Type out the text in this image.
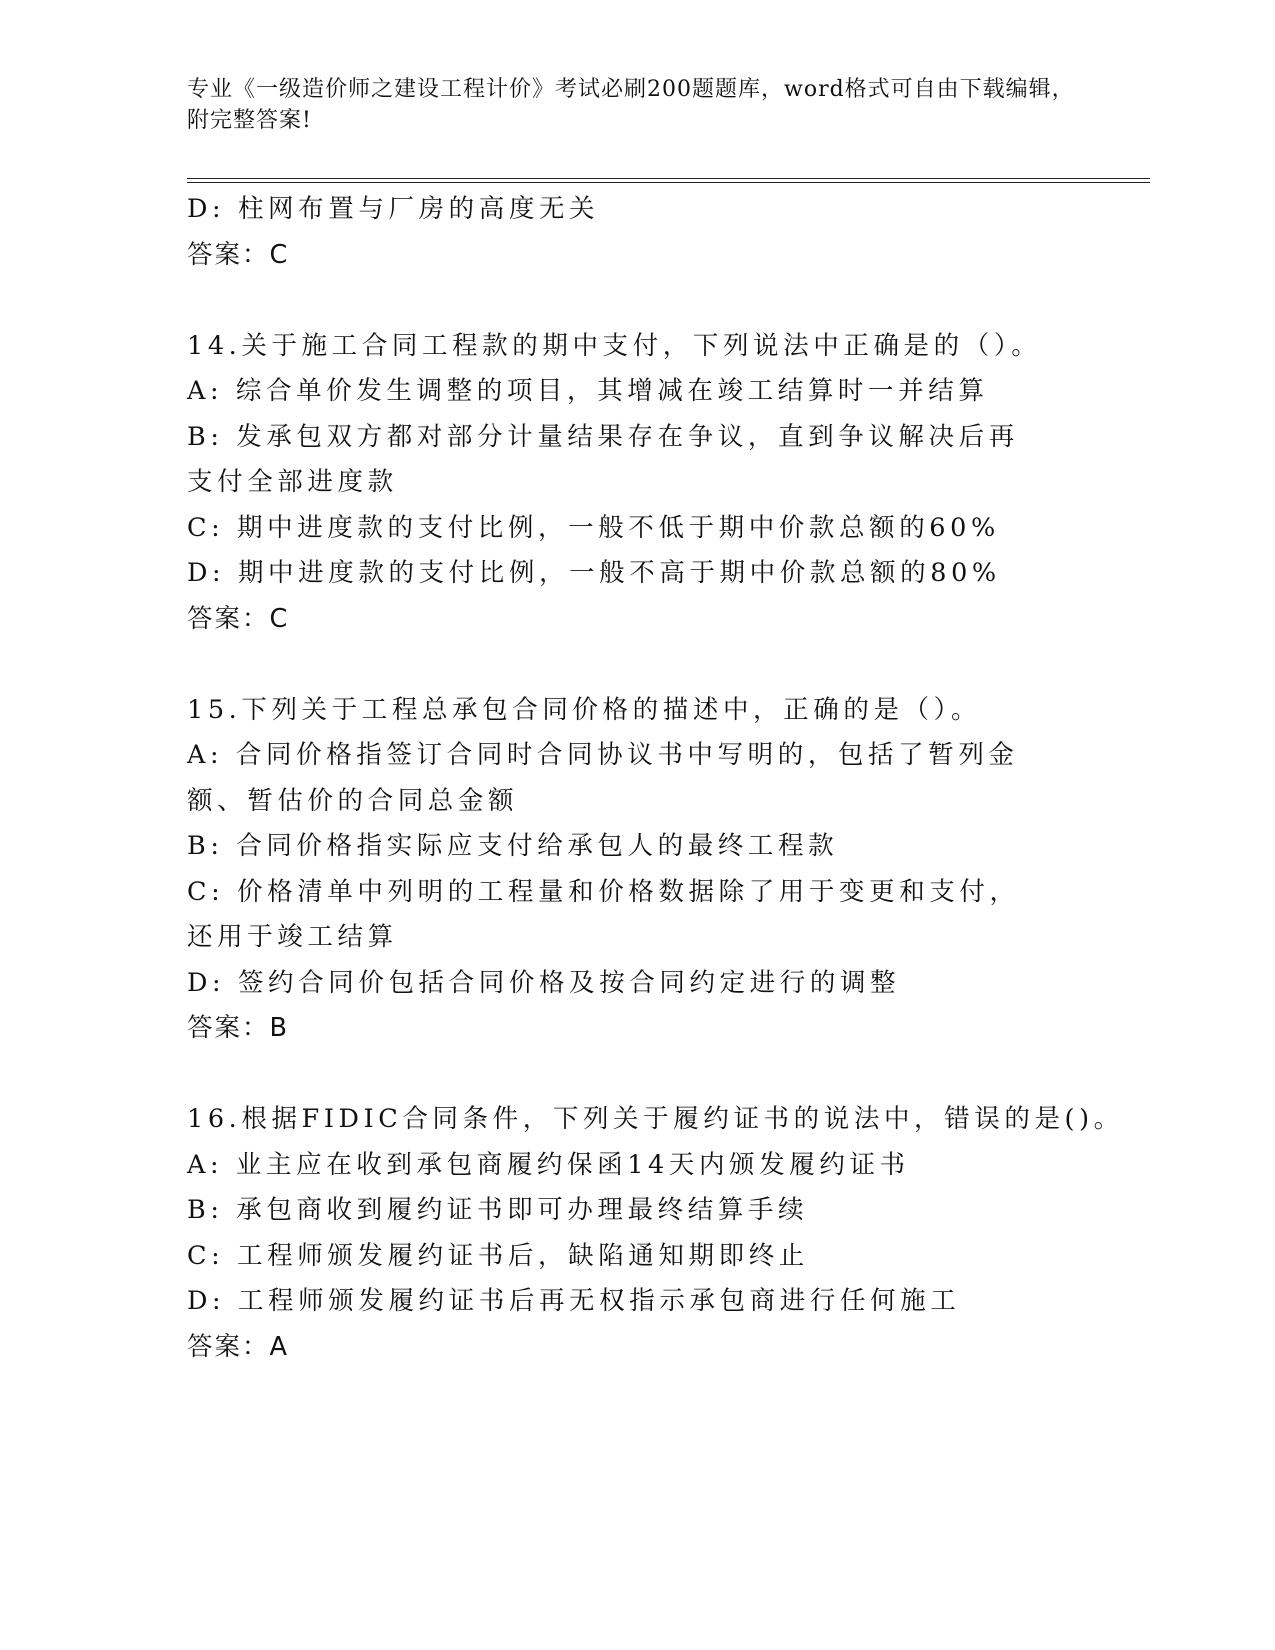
专业《一级造价师之建设工程计价》考试必刷200题题库，word格式可自由下载编辑，附完整答案!
D: 柱网布置与厂房的高度无关
答案：C
14.关于施工合同工程款的期中支付，下列说法中正确是的（）。
A: 综合单价发生调整的项目，其增减在竣工结算时一并结算
B: 发承包双方都对部分计量结果存在争议，直到争议解决后再支付全部进度款
C: 期中进度款的支付比例，一般不低于期中价款总额的60%
D: 期中进度款的支付比例，一般不高于期中价款总额的80%
答案：C
15.下列关于工程总承包合同价格的描述中，正确的是（）。
A: 合同价格指签订合同时合同协议书中写明的，包括了暂列金额、暂估价的合同总金额
B: 合同价格指实际应支付给承包人的最终工程款
C: 价格清单中列明的工程量和价格数据除了用于变更和支付，还用于竣工结算
D: 签约合同价包括合同价格及按合同约定进行的调整
答案：B
16.根据FIDIC合同条件，下列关于履约证书的说法中，错误的是()。
A: 业主应在收到承包商履约保函14天内颁发履约证书
B: 承包商收到履约证书即可办理最终结算手续
C: 工程师颁发履约证书后，缺陷通知期即终止
D: 工程师颁发履约证书后再无权指示承包商进行任何施工
答案：A
